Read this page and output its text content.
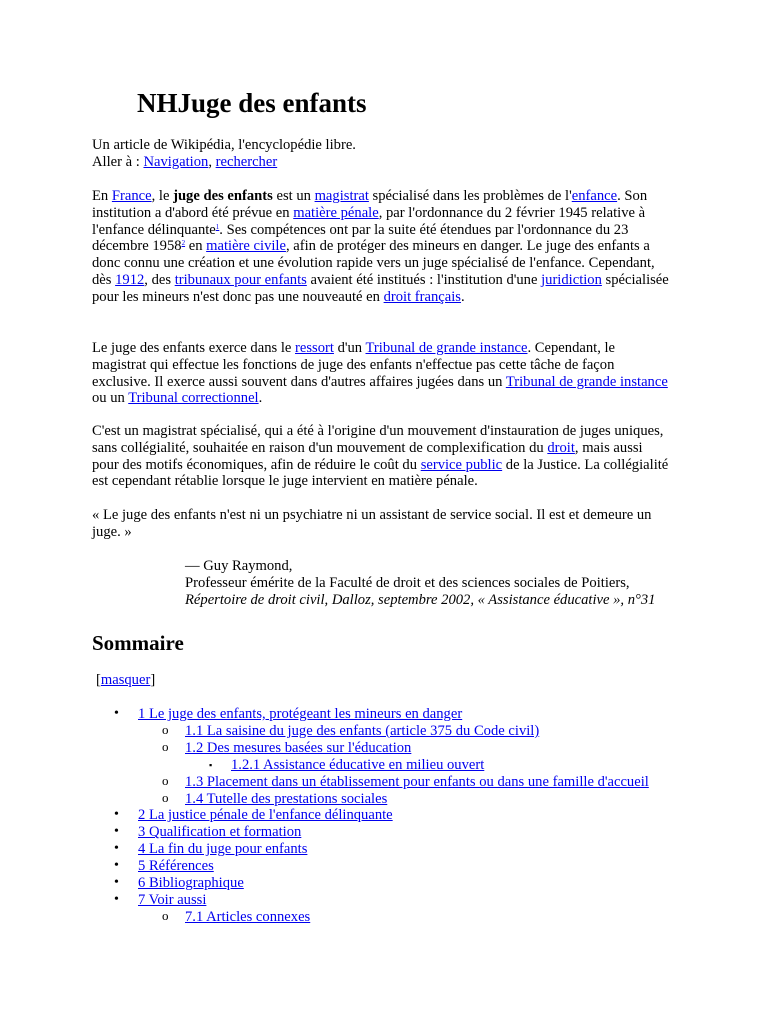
NHJuge des enfants

Un article de Wikipédia, l'encyclopédie libre.
Aller à : Navigation, rechercher

En France, le juge des enfants est un magistrat spécialisé dans les problèmes de l'enfance. Son institution a d'abord été prévue en matière pénale, par l'ordonnance du 2 février 1945 relative à l'enfance délinquante$^1$. Ses compétences ont par la suite été étendues par l'ordonnance du 23 décembre 1958$^2$ en matière civile, afin de protéger des mineurs en danger. Le juge des enfants a donc connu une création et une évolution rapide vers un juge spécialisé de l'enfance. Cependant, dès 1912, des tribunaux pour enfants avaient été institués : l'institution d'une juridiction spécialisée pour les mineurs n'est donc pas une nouveauté en droit français.

Le juge des enfants exerce dans le ressort d'un Tribunal de grande instance. Cependant, le magistrat qui effectue les fonctions de juge des enfants n'effectue pas cette tâche de façon exclusive. Il exerce aussi souvent dans d'autres affaires jugées dans un Tribunal de grande instance ou un Tribunal correctionnel.

C'est un magistrat spécialisé, qui a été à l'origine d'un mouvement d'instauration de juges uniques, sans collégialité, souhaitée en raison d'un mouvement de complexification du droit, mais aussi pour des motifs économiques, afin de réduire le coût du service public de la Justice. La collégialité est cependant rétablie lorsque le juge intervient en matière pénale.

« Le juge des enfants n'est ni un psychiatre ni un assistant de service social. Il est et demeure un juge. »

— Guy Raymond,
Professeur émérite de la Faculté de droit et des sciences sociales de Poitiers,
Répertoire de droit civil, Dalloz, septembre 2002, « Assistance éducative », n°31

Sommaire

[masquer]

• 1 Le juge des enfants, protégeant les mineurs en danger
o 1.1 La saisine du juge des enfants (article 375 du Code civil)
o 1.2 Des mesures basées sur l'éducation
▪ 1.2.1 Assistance éducative en milieu ouvert
o 1.3 Placement dans un établissement pour enfants ou dans une famille d'accueil
o 1.4 Tutelle des prestations sociales
• 2 La justice pénale de l'enfance délinquante
• 3 Qualification et formation
• 4 La fin du juge pour enfants
• 5 Références
• 6 Bibliographique
• 7 Voir aussi
o 7.1 Articles connexes
